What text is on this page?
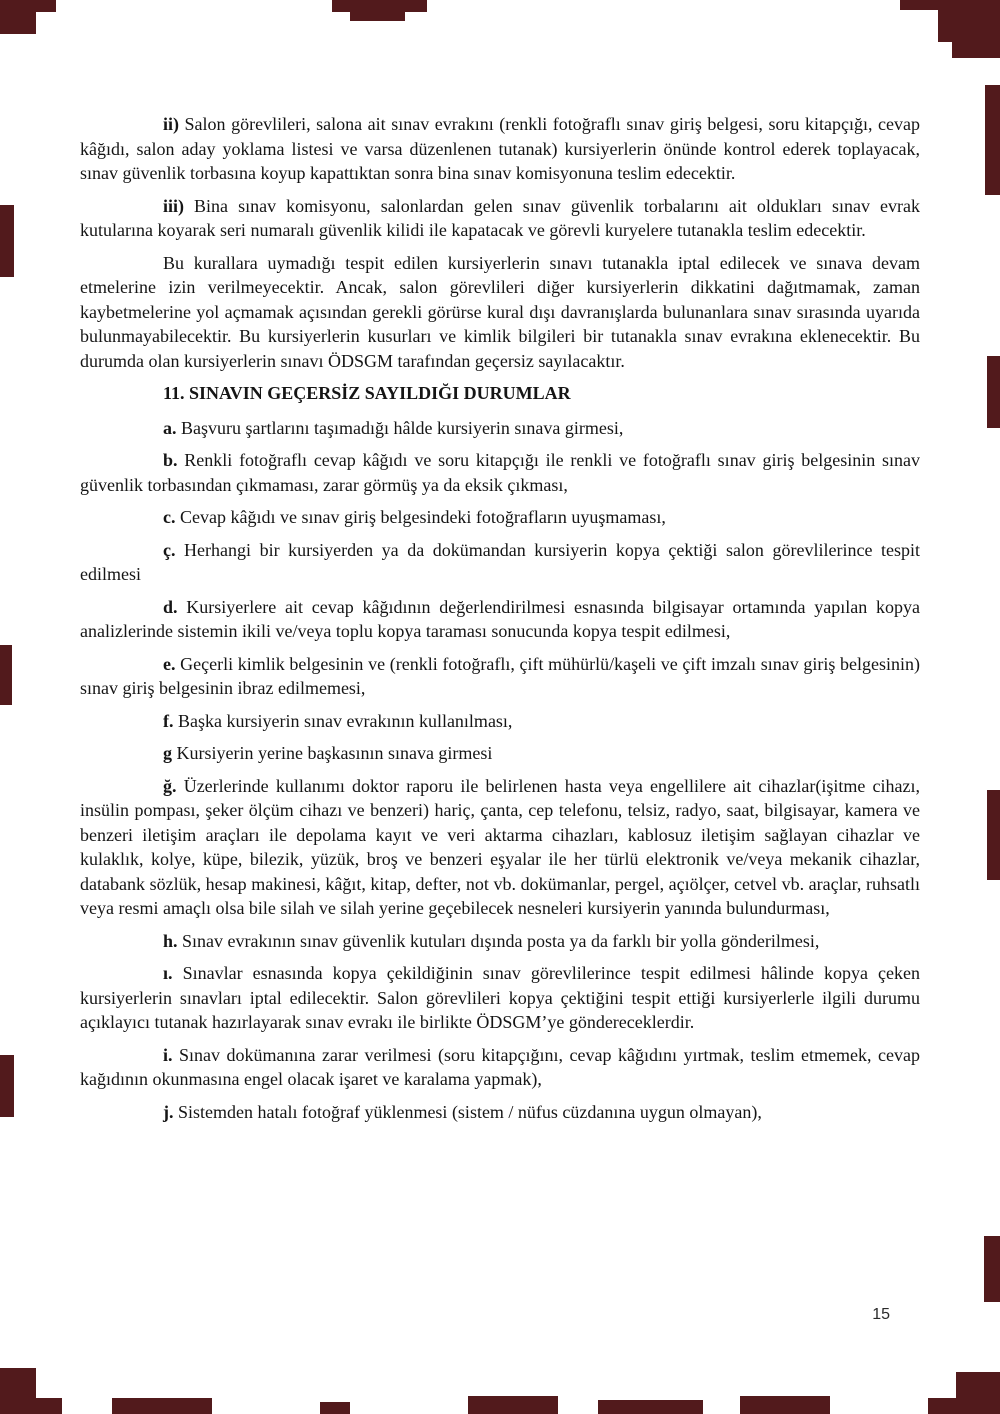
ii) Salon görevlileri, salona ait sınav evrakını (renkli fotoğraflı sınav giriş belgesi, soru kitapçığı, cevap kâğıdı, salon aday yoklama listesi ve varsa düzenlenen tutanak) kursiyerlerin önünde kontrol ederek toplayacak, sınav güvenlik torbasına koyup kapattıktan sonra bina sınav komisyonuna teslim edecektir.

iii) Bina sınav komisyonu, salonlardan gelen sınav güvenlik torbalarını ait oldukları sınav evrak kutularına koyarak seri numaralı güvenlik kilidi ile kapatacak ve görevli kuryelere tutanakla teslim edecektir.

Bu kurallara uymadığı tespit edilen kursiyerlerin sınavı tutanakla iptal edilecek ve sınava devam etmelerine izin verilmeyecektir. Ancak, salon görevlileri diğer kursiyerlerin dikkatini dağıtmamak, zaman kaybetmelerine yol açmamak açısından gerekli görürse kural dışı davranışlarda bulunanlara sınav sırasında uyarıda bulunmayabilecektir. Bu kursiyerlerin kusurları ve kimlik bilgileri bir tutanakla sınav evrakına eklenecektir. Bu durumda olan kursiyerlerin sınavı ÖDSGM tarafından geçersiz sayılacaktır.

11. SINAVIN GEÇERSİZ SAYILDIĞI DURUMLAR

a. Başvuru şartlarını taşımadığı hâlde kursiyerin sınava girmesi,

b. Renkli fotoğraflı cevap kâğıdı ve soru kitapçığı ile renkli ve fotoğraflı sınav giriş belgesinin sınav güvenlik torbasından çıkmaması, zarar görmüş ya da eksik çıkması,

c. Cevap kâğıdı ve sınav giriş belgesindeki fotoğrafların uyuşmaması,

ç. Herhangi bir kursiyerden ya da dokümandan kursiyerin kopya çektiği salon görevlilerince tespit edilmesi

d. Kursiyerlere ait cevap kâğıdının değerlendirilmesi esnasında bilgisayar ortamında yapılan kopya analizlerinde sistemin ikili ve/veya toplu kopya taraması sonucunda kopya tespit edilmesi,

e. Geçerli kimlik belgesinin ve (renkli fotoğraflı, çift mühürlü/kaşeli ve çift imzalı sınav giriş belgesinin) sınav giriş belgesinin ibraz edilmemesi,

f. Başka kursiyerin sınav evrakının kullanılması,

g Kursiyerin yerine başkasının sınava girmesi

ğ. Üzerlerinde kullanımı doktor raporu ile belirlenen hasta veya engellilere ait cihazlar(işitme cihazı, insülin pompası, şeker ölçüm cihazı ve benzeri) hariç, çanta, cep telefonu, telsiz, radyo, saat, bilgisayar, kamera ve benzeri iletişim araçları ile depolama kayıt ve veri aktarma cihazları, kablosuz iletişim sağlayan cihazlar ve kulaklık, kolye, küpe, bilezik, yüzük, broş ve benzeri eşyalar ile her türlü elektronik ve/veya mekanik cihazlar, databank sözlük, hesap makinesi, kâğıt, kitap, defter, not vb. dokümanlar, pergel, açıölçer, cetvel vb. araçlar, ruhsatlı veya resmi amaçlı olsa bile silah ve silah yerine geçebilecek nesneleri kursiyerin yanında bulundurması,

h. Sınav evrakının sınav güvenlik kutuları dışında posta ya da farklı bir yolla gönderilmesi,

ı. Sınavlar esnasında kopya çekildiğinin sınav görevlilerince tespit edilmesi hâlinde kopya çeken kursiyerlerin sınavları iptal edilecektir. Salon görevlileri kopya çektiğini tespit ettiği kursiyerlerle ilgili durumu açıklayıcı tutanak hazırlayarak sınav evrakı ile birlikte ÖDSGM’ye göndereceklerdir.

i. Sınav dokümanına zarar verilmesi (soru kitapçığını, cevap kâğıdını yırtmak, teslim etmemek, cevap kağıdının okunmasına engel olacak işaret ve karalama yapmak),

j. Sistemden hatalı fotoğraf yüklenmesi (sistem / nüfus cüzdanına uygun olmayan),

15
